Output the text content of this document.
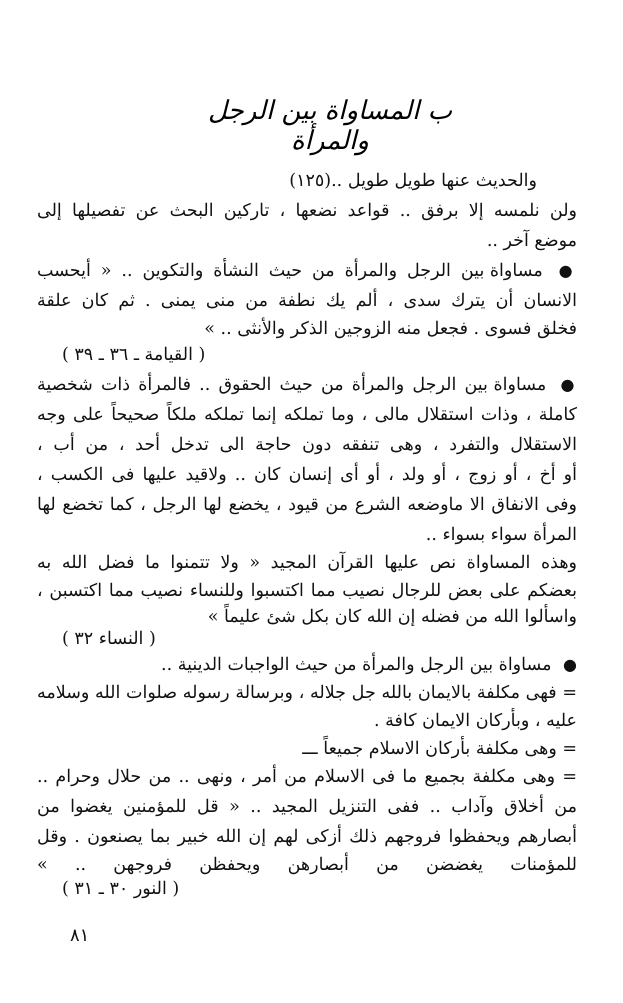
ب المساواة بين الرجل والمرأة
والحديث عنها طويل طويل ..(١٢٥)
ولن نلمسه إلا برفق .. قواعد نضعها ، تاركين البحث عن تفصيلها إلى
موضع آخر ..
● مساواة بين الرجل والمرأة من حيث النشأة والتكوين .. « أيحسب
الانسان أن يترك سدى ، ألم يك نطفة من منى يمنى . ثم كان علقة
فخلق فسوى . فجعل منه الزوجين الذكر والأنثى .. »
( القيامة ـ ٣٦ ـ ٣٩ )
● مساواة بين الرجل والمرأة من حيث الحقوق .. فالمرأة ذات شخصية
كاملة ، وذات استقلال مالى ، وما تملكه إنما تملكه ملكاً صحيحاً على وجه
الاستقلال والتفرد ، وهى تنفقه دون حاجة الى تدخل أحد ، من أب ،
أو أخ ، أو زوج ، أو ولد ، أو أى إنسان كان .. ولاقيد عليها فى الكسب ،
وفى الانفاق الا ماوضعه الشرع من قيود ، يخضع لها الرجل ، كما تخضع لها
المرأة سواء بسواء ..
وهذه المساواة نص عليها القرآن المجيد « ولا تتمنوا ما فضل الله به
بعضكم على بعض للرجال نصيب مما اكتسبوا وللنساء نصيب مما اكتسبن ،
واسألوا الله من فضله إن الله كان بكل شئ عليماً »
( النساء ٣٢ )
● مساواة بين الرجل والمرأة من حيث الواجبات الدينية ..
= فهى مكلفة بالايمان بالله جل جلاله ، وبرسالة رسوله صلوات الله وسلامه
عليه ، وبأركان الايمان كافة .
= وهى مكلفة بأركان الاسلام جميعاً ـــ
= وهى مكلفة بجميع ما فى الاسلام من أمر ، ونهى .. من حلال وحرام ..
من أخلاق وآداب .. ففى التنزيل المجيد .. « قل للمؤمنين يغضوا من
أبصارهم ويحفظوا فروجهم ذلك أزكى لهم إن الله خبير بما يصنعون . وقل
للمؤمنات يغضضن من أبصارهن ويحفظن فروجهن .. »
( النور ٣٠ ـ ٣١ )
٨١
